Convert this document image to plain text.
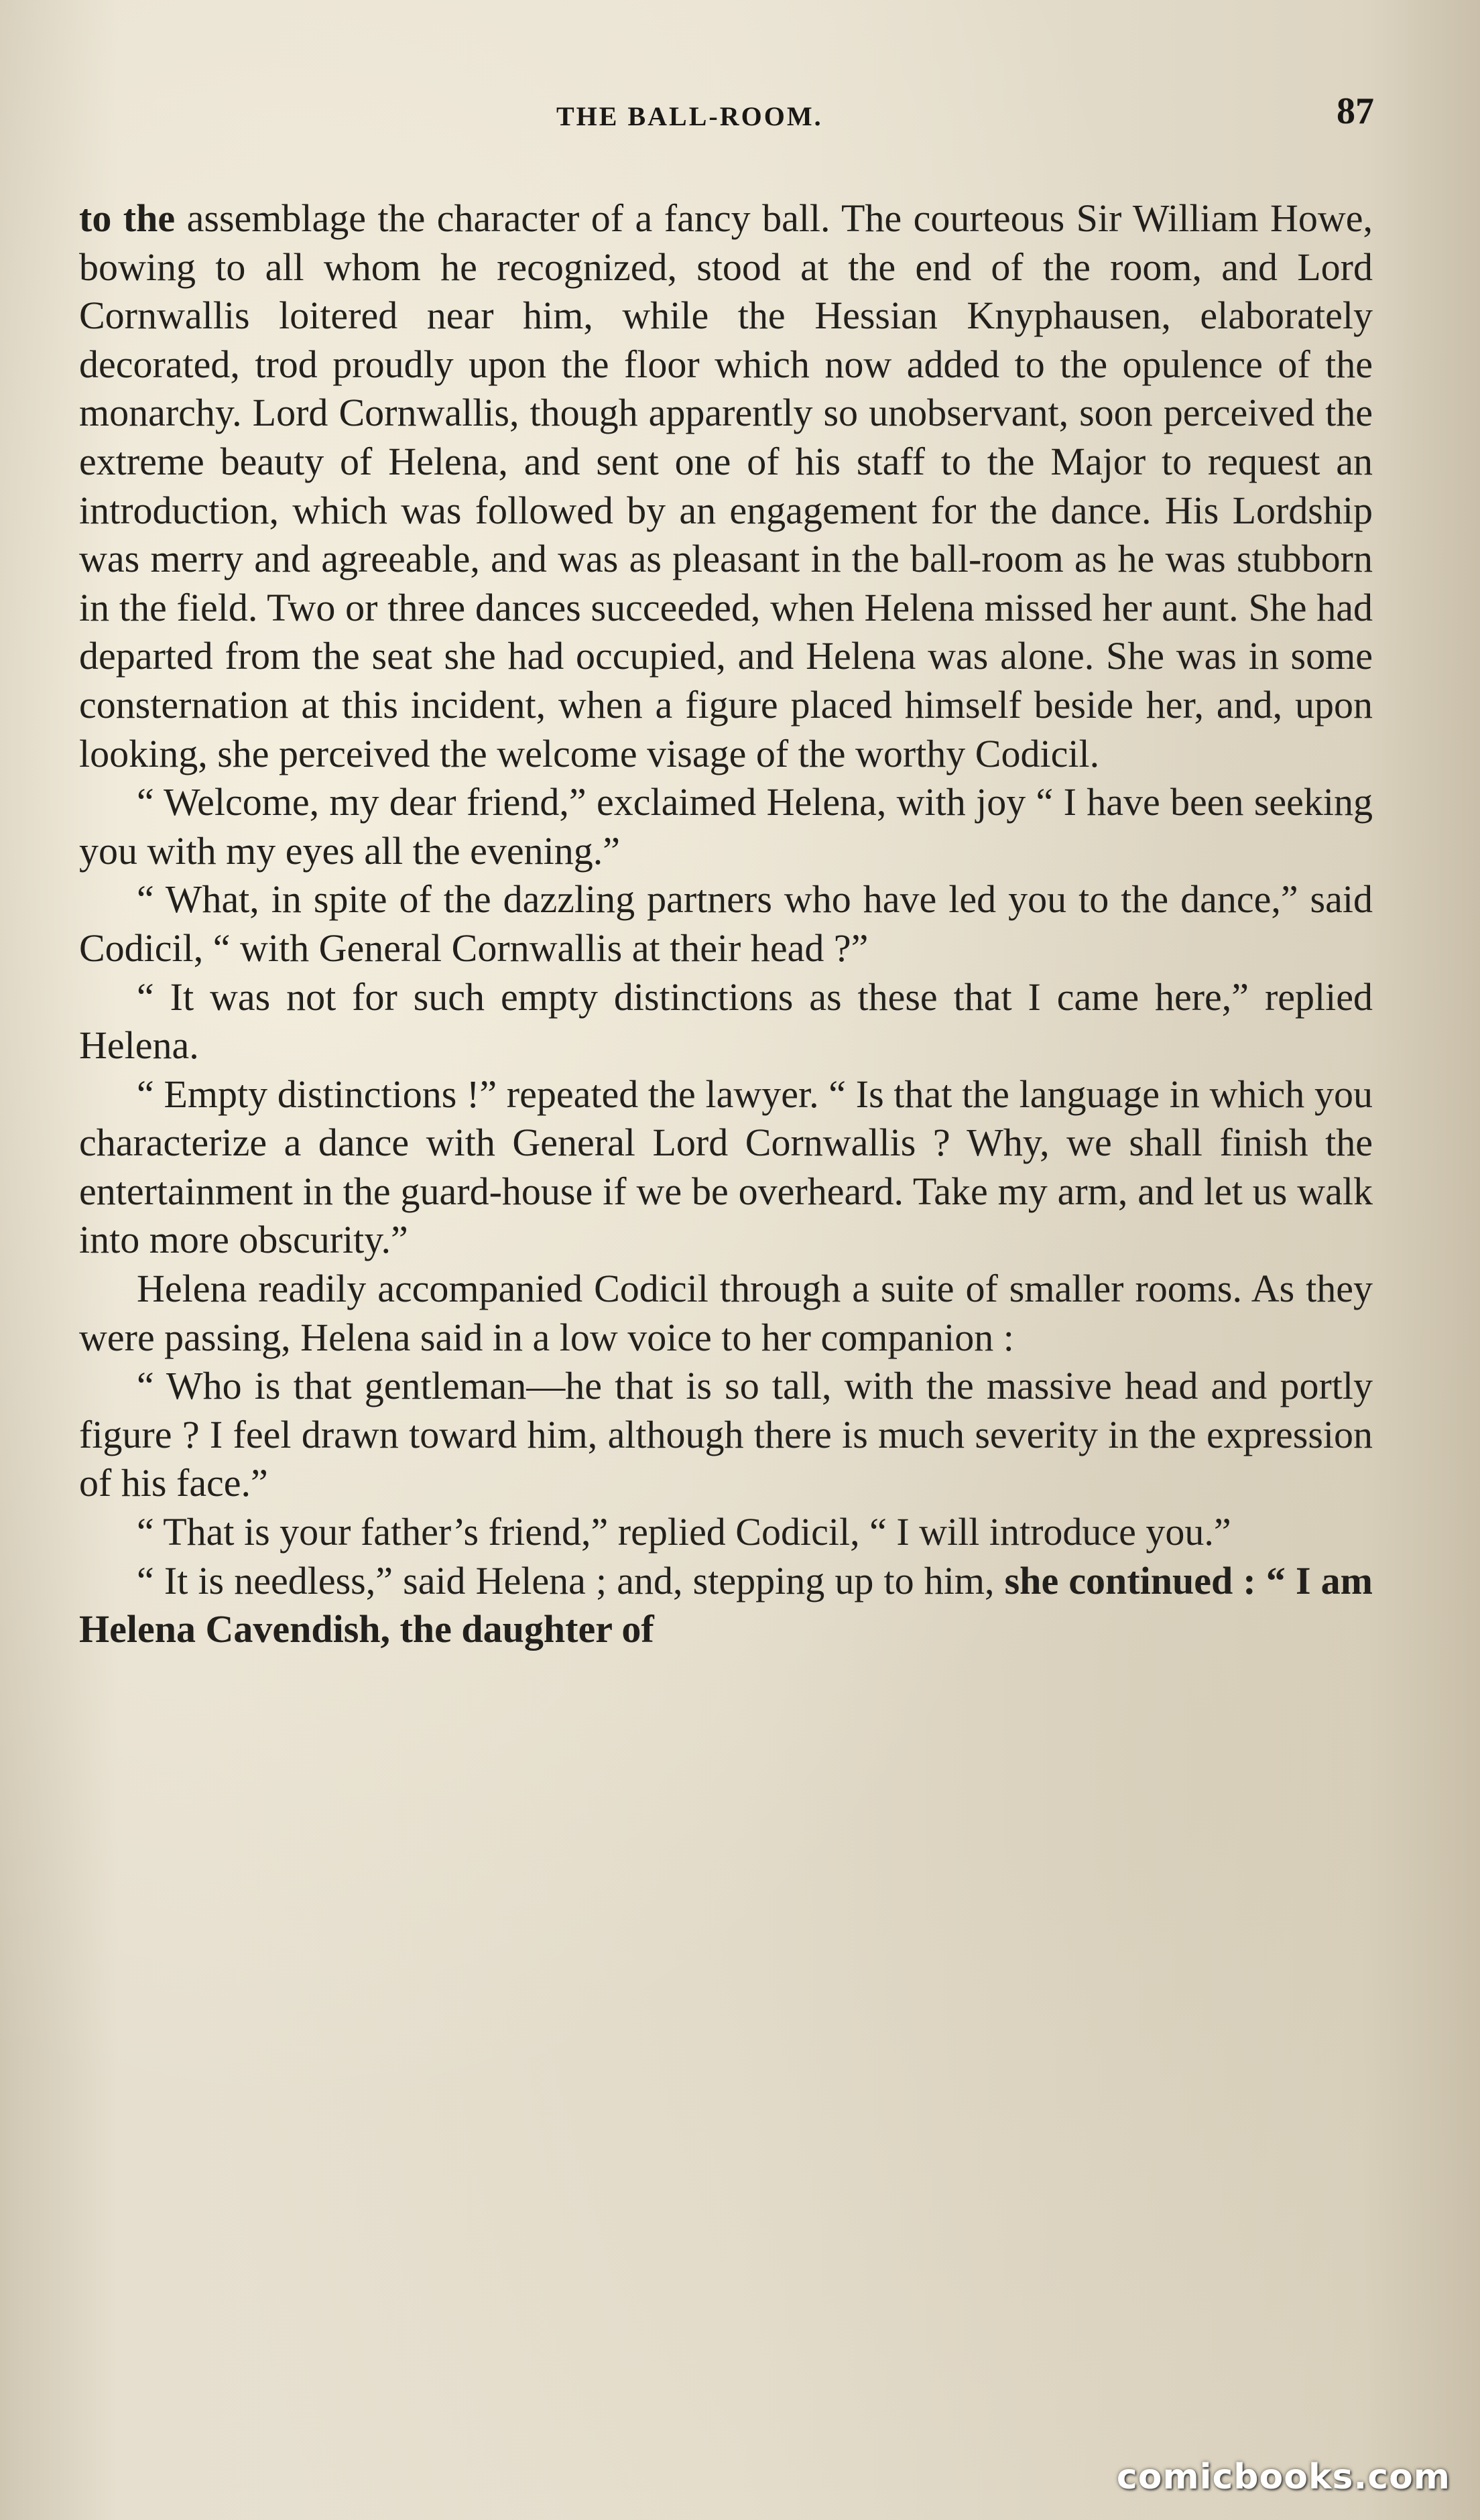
THE BALL-ROOM.	87

to the assemblage the character of a fancy ball. The courteous Sir William Howe, bowing to all whom he recognized, stood at the end of the room, and Lord Cornwallis loitered near him, while the Hessian Knyphausen, elaborately decorated, trod proudly upon the floor which now added to the opulence of the monarchy. Lord Cornwallis, though apparently so unobservant, soon perceived the extreme beauty of Helena, and sent one of his staff to the Major to request an introduction, which was followed by an engagement for the dance. His Lordship was merry and agreeable, and was as pleasant in the ball-room as he was stubborn in the field. Two or three dances succeeded, when Helena missed her aunt. She had departed from the seat she had occupied, and Helena was alone. She was in some consternation at this incident, when a figure placed himself beside her, and, upon looking, she perceived the welcome visage of the worthy Codicil.

“ Welcome, my dear friend,” exclaimed Helena, with joy “ I have been seeking you with my eyes all the evening.”

“ What, in spite of the dazzling partners who have led you to the dance,” said Codicil, “ with General Cornwallis at their head ?”

“ It was not for such empty distinctions as these that I came here,” replied Helena.

“ Empty distinctions !” repeated the lawyer. “ Is that the language in which you characterize a dance with General Lord Cornwallis ? Why, we shall finish the entertainment in the guard-house if we be overheard. Take my arm, and let us walk into more obscurity.”

Helena readily accompanied Codicil through a suite of smaller rooms. As they were passing, Helena said in a low voice to her companion :

“ Who is that gentleman—he that is so tall, with the massive head and portly figure ? I feel drawn toward him, although there is much severity in the expression of his face.”

“ That is your father’s friend,” replied Codicil, “ I will introduce you.”

“ It is needless,” said Helena ; and, stepping up to him, she continued : “ I am Helena Cavendish, the daughter of

comicbooks.com
